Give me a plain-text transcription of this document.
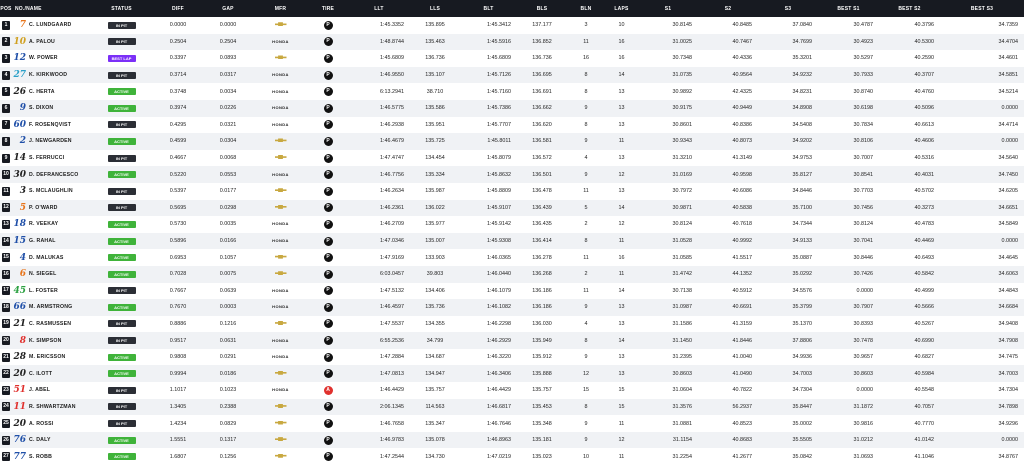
POS	NO./NAME	STATUS	DIFF	GAP	MFR	TIRE	LLT	LLS	BLT	BLS	BLN	LAPS	S1	S2	S3	BEST S1	BEST S2	BEST S3
1	7 C. LUNDGAARD	IN PIT	0.0000	0.0000		P	1:45.3352	135.895	1:45.3412	137.177	3	10	30.8145	40.8485	37.0840	30.4787	40.3796	34.7359
2	10 A. PALOU	IN PIT	0.2504	0.2504	HONDA	P	1:48.8744	135.463	1:45.5916	136.852	11	16	31.0025	40.7467	34.7699	30.4923	40.5300	34.4704
3	12 W. POWER	BEST LAP	0.3397	0.0893		P	1:45.6809	136.736	1:45.6809	136.736	16	16	30.7348	40.4336	35.3201	30.5297	40.2590	34.4601
4	27 K. KIRKWOOD	IN PIT	0.3714	0.0317	HONDA	P	1:46.9550	135.107	1:45.7126	136.695	8	14	31.0735	40.9564	34.9232	30.7933	40.3707	34.5851
5	26 C. HERTA	ACTIVE	0.3748	0.0034	HONDA	P	6:13.2941	38.710	1:45.7160	136.691	8	13	30.9892	42.4325	34.8231	30.8740	40.4760	34.5214
6	9 S. DIXON	ACTIVE	0.3974	0.0226	HONDA	P	1:46.5775	135.586	1:45.7386	136.662	9	13	30.9175	40.9449	34.8908	30.6198	40.5096	0.0000
7	60 F. ROSENQVIST	IN PIT	0.4295	0.0321	HONDA	P	1:46.2938	135.951	1:45.7707	136.620	8	13	30.8601	40.8386	34.5408	30.7834	40.6613	34.4714
8	2 J. NEWGARDEN	ACTIVE	0.4599	0.0304		P	1:46.4679	135.725	1:45.8011	136.581	9	11	30.9343	40.8073	34.9202	30.8106	40.4606	0.0000
9	14 S. FERRUCCI	IN PIT	0.4667	0.0068		P	1:47.4747	134.454	1:45.8079	136.572	4	13	31.3210	41.3149	34.9753	30.7007	40.5316	34.5640
10	30 D. DEFRANCESCO	ACTIVE	0.5220	0.0553	HONDA	P	1:46.7756	135.334	1:45.8632	136.501	9	12	31.0169	40.9598	35.8127	30.8541	40.4031	34.7450
11	3 S. MCLAUGHLIN	IN PIT	0.5397	0.0177		P	1:46.2634	135.987	1:45.8809	136.478	11	13	30.7972	40.6086	34.8446	30.7703	40.5702	34.6205
12	5 P. O'WARD	IN PIT	0.5695	0.0298		P	1:46.2361	136.022	1:45.9107	136.439	5	14	30.9871	40.5838	35.7100	30.7456	40.3273	34.6651
13	18 R. VEEKAY	ACTIVE	0.5730	0.0035	HONDA	P	1:46.2709	135.977	1:45.9142	136.435	2	12	30.8124	40.7618	34.7344	30.8124	40.4783	34.5849
14	15 G. RAHAL	ACTIVE	0.5896	0.0166	HONDA	P	1:47.0346	135.007	1:45.9308	136.414	8	11	31.0528	40.9992	34.9133	30.7041	40.4469	0.0000
15	4 D. MALUKAS	ACTIVE	0.6953	0.1057		P	1:47.9169	133.903	1:46.0365	136.278	11	16	31.0585	41.5517	35.0887	30.8446	40.6493	34.4645
16	6 N. SIEGEL	ACTIVE	0.7028	0.0075		P	6:03.0457	39.803	1:46.0440	136.268	2	11	31.4742	44.1352	35.0292	30.7426	40.5842	34.6063
17	45 L. FOSTER	IN PIT	0.7667	0.0639	HONDA	P	1:47.5132	134.406	1:46.1079	136.186	11	14	30.7138	40.5912	34.5576	0.0000	40.4999	34.4843
18	66 M. ARMSTRONG	ACTIVE	0.7670	0.0003	HONDA	P	1:46.4597	135.736	1:46.1082	136.186	9	13	31.0987	40.6691	35.3799	30.7907	40.5666	34.6684
19	21 C. RASMUSSEN	IN PIT	0.8886	0.1216		P	1:47.5537	134.355	1:46.2298	136.030	4	13	31.1586	41.3159	35.1370	30.8393	40.5267	34.9408
20	8 K. SIMPSON	IN PIT	0.9517	0.0631	HONDA	P	6:55.2536	34.799	1:46.2929	135.949	8	14	31.1450	41.8446	37.8806	30.7478	40.6990	34.7908
21	28 M. ERICSSON	ACTIVE	0.9808	0.0291	HONDA	P	1:47.2884	134.687	1:46.3220	135.912	9	13	31.2395	41.0040	34.9936	30.9657	40.6827	34.7475
22	20 C. ILOTT	ACTIVE	0.9994	0.0186		P	1:47.0813	134.947	1:46.3406	135.888	12	13	30.8603	41.0490	34.7003	30.8603	40.5984	34.7003
23	51 J. ABEL	IN PIT	1.1017	0.1023	HONDA	A	1:46.4429	135.757	1:46.4429	135.757	15	15	31.0604	40.7822	34.7304	0.0000	40.5548	34.7304
24	11 R. SHWARTZMAN	IN PIT	1.3405	0.2388		P	2:06.1345	114.563	1:46.6817	135.453	8	15	31.3576	56.2937	35.8447	31.1872	40.7057	34.7898
25	20 A. ROSSI	IN PIT	1.4234	0.0829		P	1:46.7658	135.347	1:46.7646	135.348	9	11	31.0881	40.8523	35.0002	30.9816	40.7770	34.9296
26	76 C. DALY	ACTIVE	1.5551	0.1317		P	1:46.9783	135.078	1:46.8963	135.181	9	12	31.1154	40.8683	35.5505	31.0212	41.0142	0.0000
27	77 S. ROBB	ACTIVE	1.6807	0.1256		P	1:47.2544	134.730	1:47.0219	135.023	10	11	31.2254	41.2677	35.0842	31.0693	41.1046	34.8767
